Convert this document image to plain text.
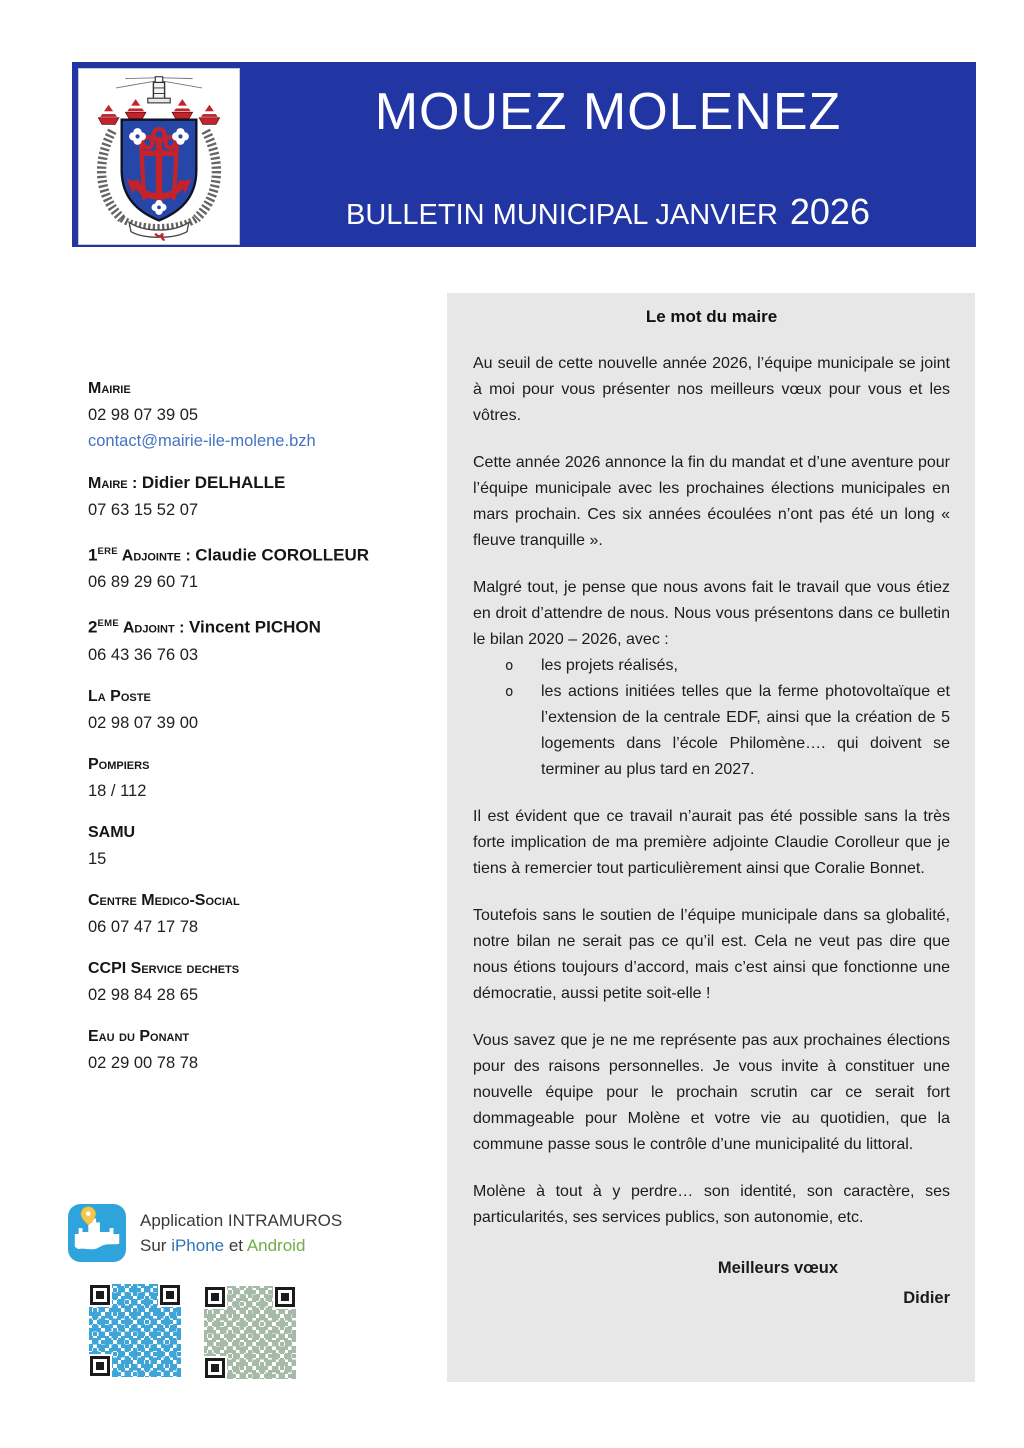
MOUEZ MOLENEZ
BULLETIN MUNICIPAL JANVIER 2026
Mairie
02 98 07 39 05
contact@mairie-ile-molene.bzh
Maire : Didier DELHALLE
07 63 15 52 07
1ERE Adjointe : Claudie COROLLEUR
06 89 29 60 71
2EME Adjoint : Vincent PICHON
06 43 36 76 03
La Poste
02 98 07 39 00
Pompiers
18 / 112
SAMU
15
Centre Medico-Social
06 07 47 17 78
CCPI Service dechets
02 98 84 28 65
Eau du Ponant
02 29 00 78 78
Le mot du maire

Au seuil de cette nouvelle année 2026, l’équipe municipale se joint à moi pour vous présenter nos meilleurs vœux pour vous et les vôtres.

Cette année 2026 annonce la fin du mandat et d’une aventure pour l’équipe municipale avec les prochaines élections municipales en mars prochain. Ces six années écoulées n’ont pas été un long « fleuve tranquille ».

Malgré tout, je pense que nous avons fait le travail que vous étiez en droit d’attendre de nous. Nous vous présentons dans ce bulletin le bilan 2020 – 2026, avec :

o	les projets réalisés,
o	les actions initiées telles que la ferme photovoltaïque et l’extension de la centrale EDF, ainsi que la création de 5 logements dans l’école Philomène…. qui doivent se terminer au plus tard en 2027.

Il est évident que ce travail n’aurait pas été possible sans la très forte implication de ma première adjointe Claudie Corolleur que je tiens à remercier tout particulièrement ainsi que Coralie Bonnet.

Toutefois sans le soutien de l’équipe municipale dans sa globalité, notre bilan ne serait pas ce qu’il est. Cela ne veut pas dire que nous étions toujours d’accord, mais c’est ainsi que fonctionne une démocratie, aussi petite soit-elle !

Vous savez que je ne me représente pas aux prochaines élections pour des raisons personnelles. Je vous invite à constituer une nouvelle équipe pour le prochain scrutin car ce serait fort dommageable pour Molène et votre vie au quotidien, que la commune passe sous le contrôle d’une municipalité du littoral.

Molène à tout à y perdre… son identité, son caractère, ses particularités, ses services publics, son autonomie, etc.

Meilleurs vœux
Didier
Application INTRAMUROS
Sur iPhone et Android
